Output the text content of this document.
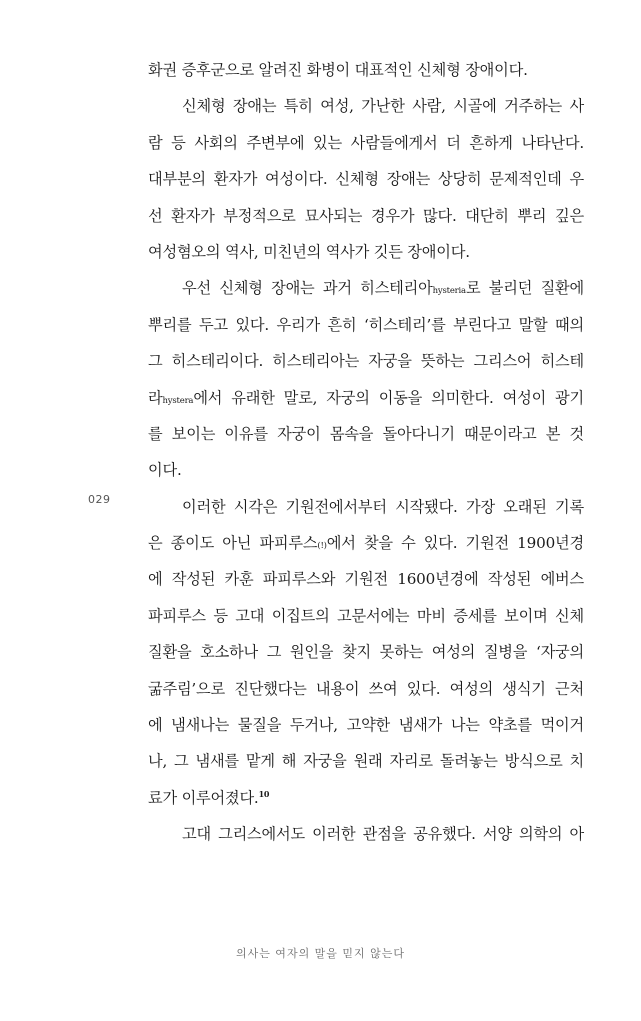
029
화권 증후군으로 알려진 화병이 대표적인 신체형 장애이다.
신체형 장애는 특히 여성, 가난한 사람, 시골에 거주하는 사
람 등 사회의 주변부에 있는 사람들에게서 더 흔하게 나타난다.
대부분의 환자가 여성이다. 신체형 장애는 상당히 문제적인데 우
선 환자가 부정적으로 묘사되는 경우가 많다. 대단히 뿌리 깊은
여성혐오의 역사, 미친년의 역사가 깃든 장애이다.
우선 신체형 장애는 과거 히스테리아hysteria로 불리던 질환에
뿌리를 두고 있다. 우리가 흔히 ‘히스테리’를 부린다고 말할 때의
그 히스테리이다. 히스테리아는 자궁을 뜻하는 그리스어 히스테
라hystera에서 유래한 말로, 자궁의 이동을 의미한다. 여성이 광기
를 보이는 이유를 자궁이 몸속을 돌아다니기 때문이라고 본 것
이다.
이러한 시각은 기원전에서부터 시작됐다. 가장 오래된 기록
은 종이도 아닌 파피루스(!)에서 찾을 수 있다. 기원전 1900년경
에 작성된 카훈 파피루스와 기원전 1600년경에 작성된 에버스
파피루스 등 고대 이집트의 고문서에는 마비 증세를 보이며 신체
질환을 호소하나 그 원인을 찾지 못하는 여성의 질병을 ‘자궁의
굶주림’으로 진단했다는 내용이 쓰여 있다. 여성의 생식기 근처
에 냄새나는 물질을 두거나, 고약한 냄새가 나는 약초를 먹이거
나, 그 냄새를 맡게 해 자궁을 원래 자리로 돌려놓는 방식으로 치
료가 이루어졌다.$^{10}$
고대 그리스에서도 이러한 관점을 공유했다. 서양 의학의 아
의사는 여자의 말을 믿지 않는다
